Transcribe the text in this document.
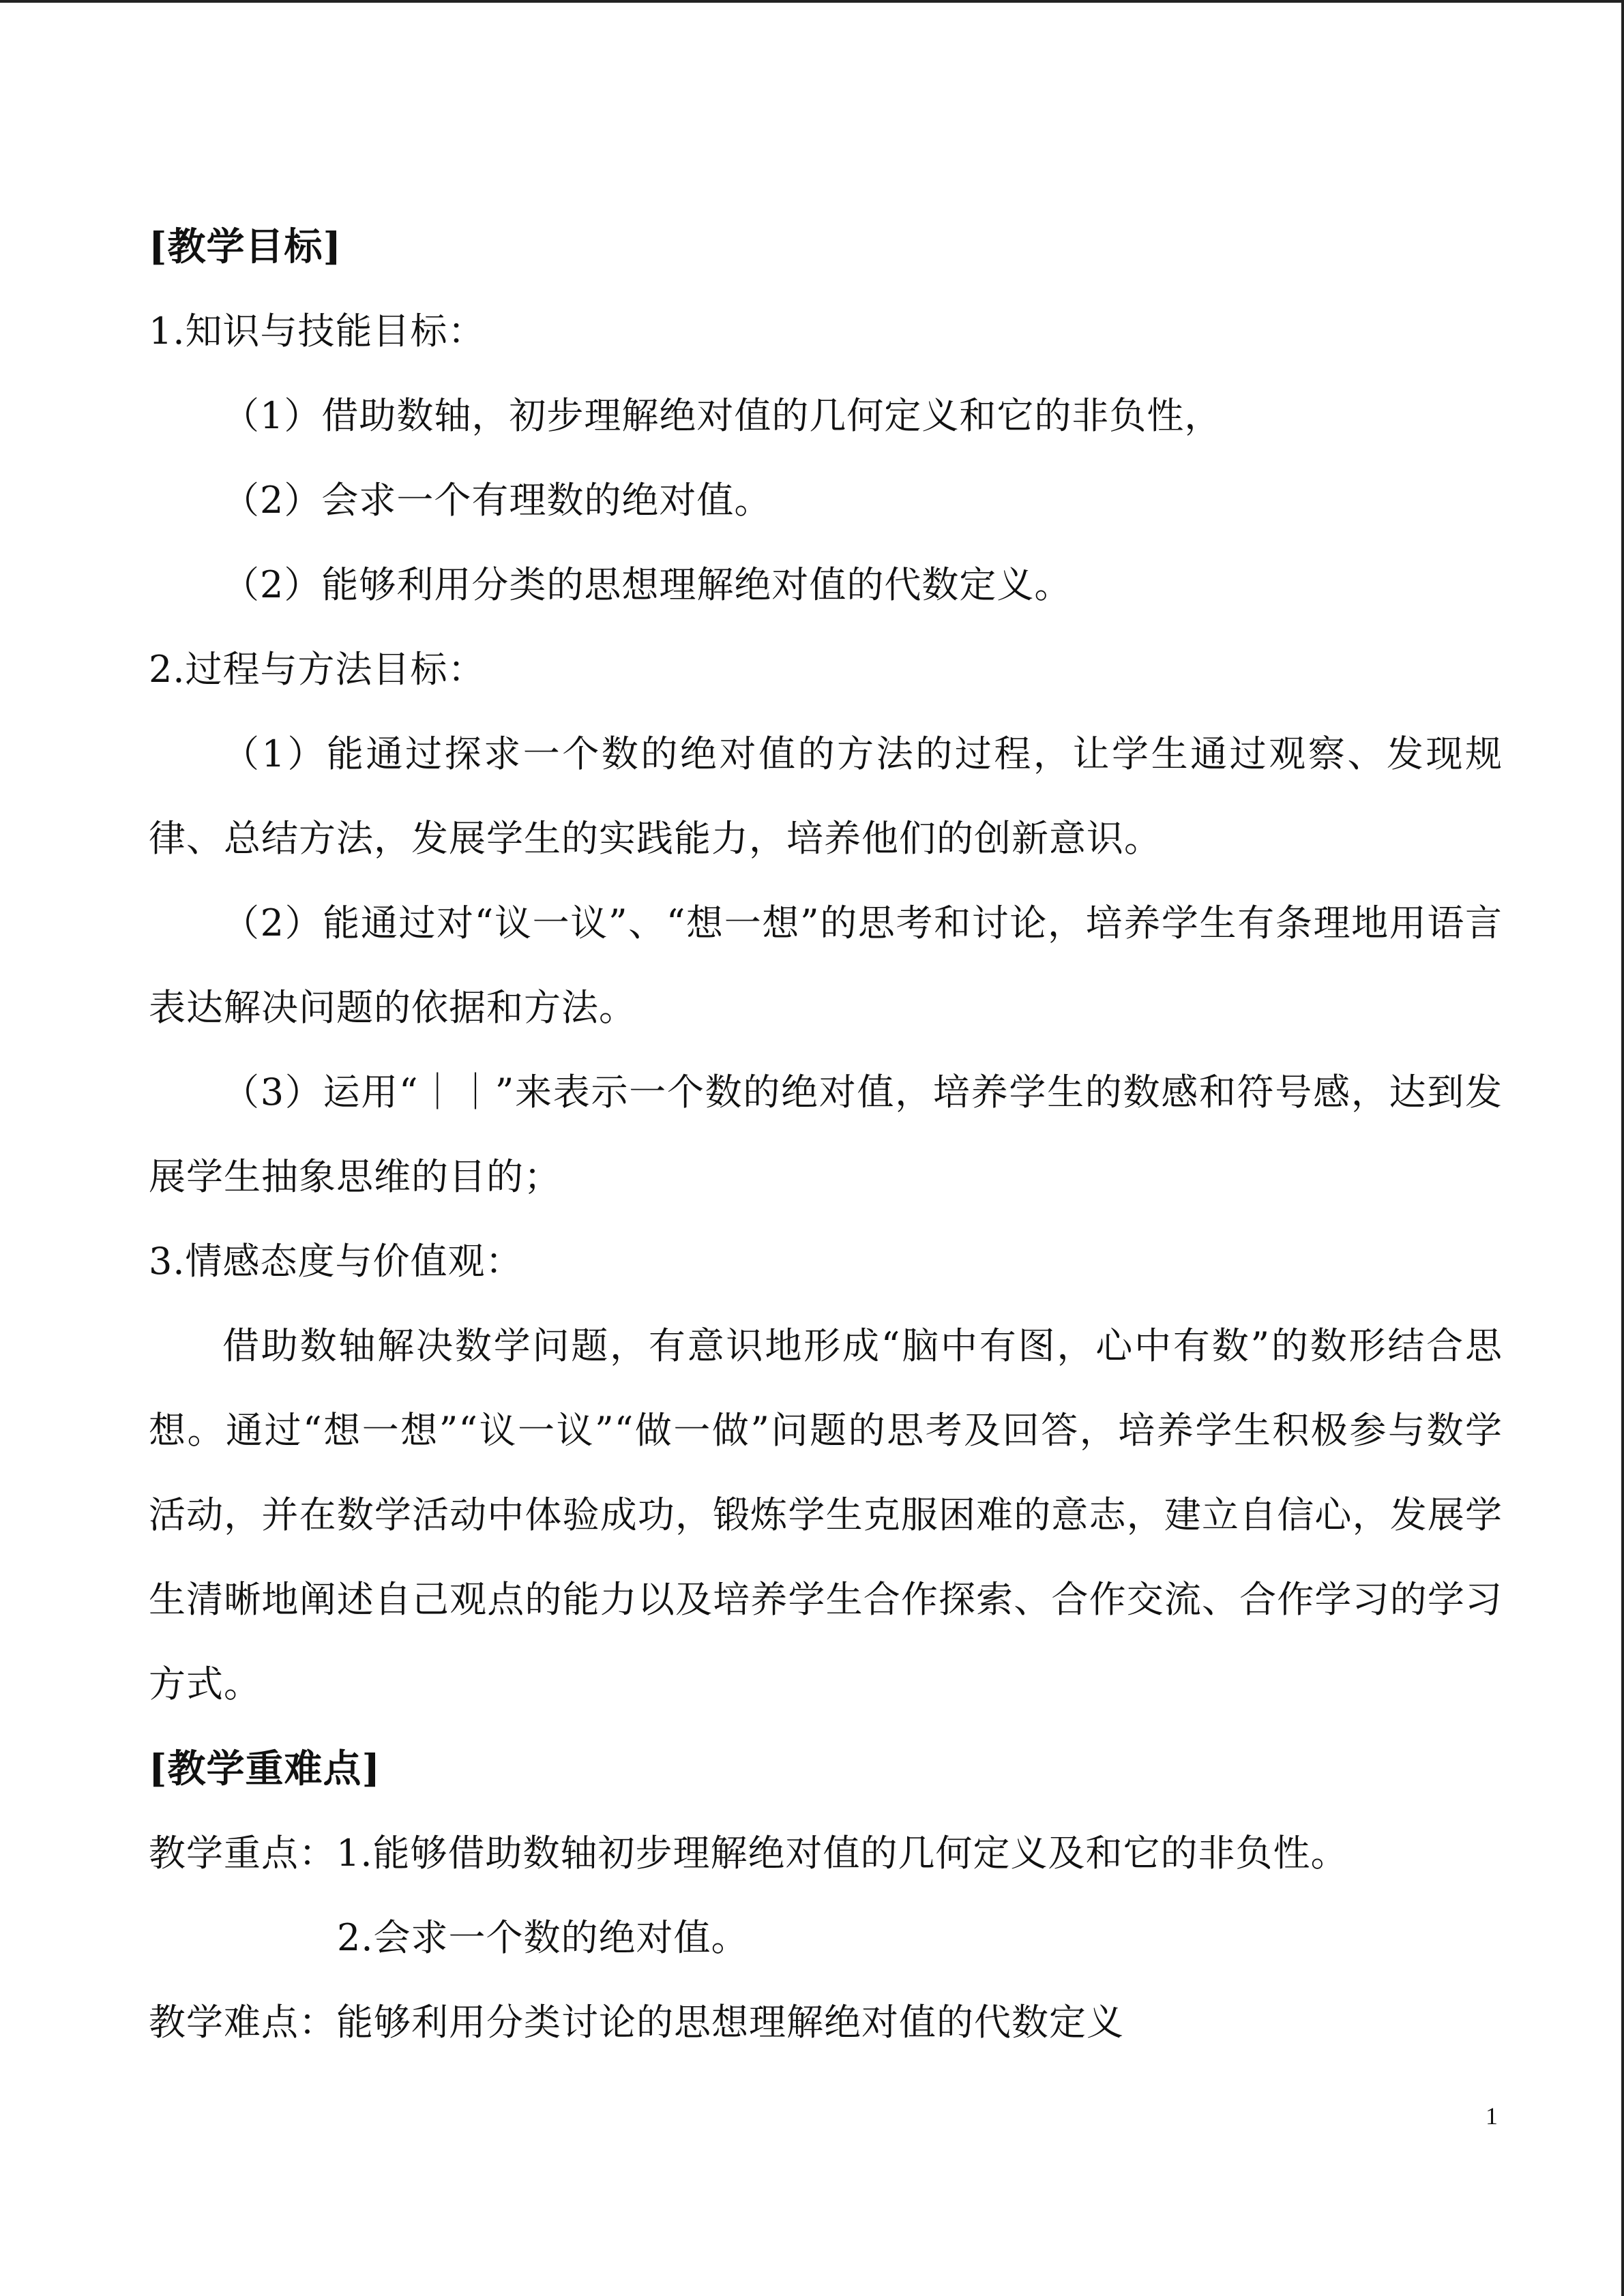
[教学目标]
1.知识与技能目标：
（1）借助数轴，初步理解绝对值的几何定义和它的非负性，
（2）会求一个有理数的绝对值。
（2）能够利用分类的思想理解绝对值的代数定义。
2.过程与方法目标：
（1）能通过探求一个数的绝对值的方法的过程，让学生通过观察、发现规律、总结方法，发展学生的实践能力，培养他们的创新意识。
（2）能通过对“议一议”、“想一想”的思考和讨论，培养学生有条理地用语言表达解决问题的依据和方法。
（3）运用“｜｜”来表示一个数的绝对值，培养学生的数感和符号感，达到发展学生抽象思维的目的；
3.情感态度与价值观：
借助数轴解决数学问题，有意识地形成“脑中有图，心中有数”的数形结合思想。通过“想一想”“议一议”“做一做”问题的思考及回答，培养学生积极参与数学活动，并在数学活动中体验成功，锻炼学生克服困难的意志，建立自信心，发展学生清晰地阐述自己观点的能力以及培养学生合作探索、合作交流、合作学习的学习方式。
[教学重难点]
教学重点：1.能够借助数轴初步理解绝对值的几何定义及和它的非负性。
2.会求一个数的绝对值。
教学难点：能够利用分类讨论的思想理解绝对值的代数定义
1
